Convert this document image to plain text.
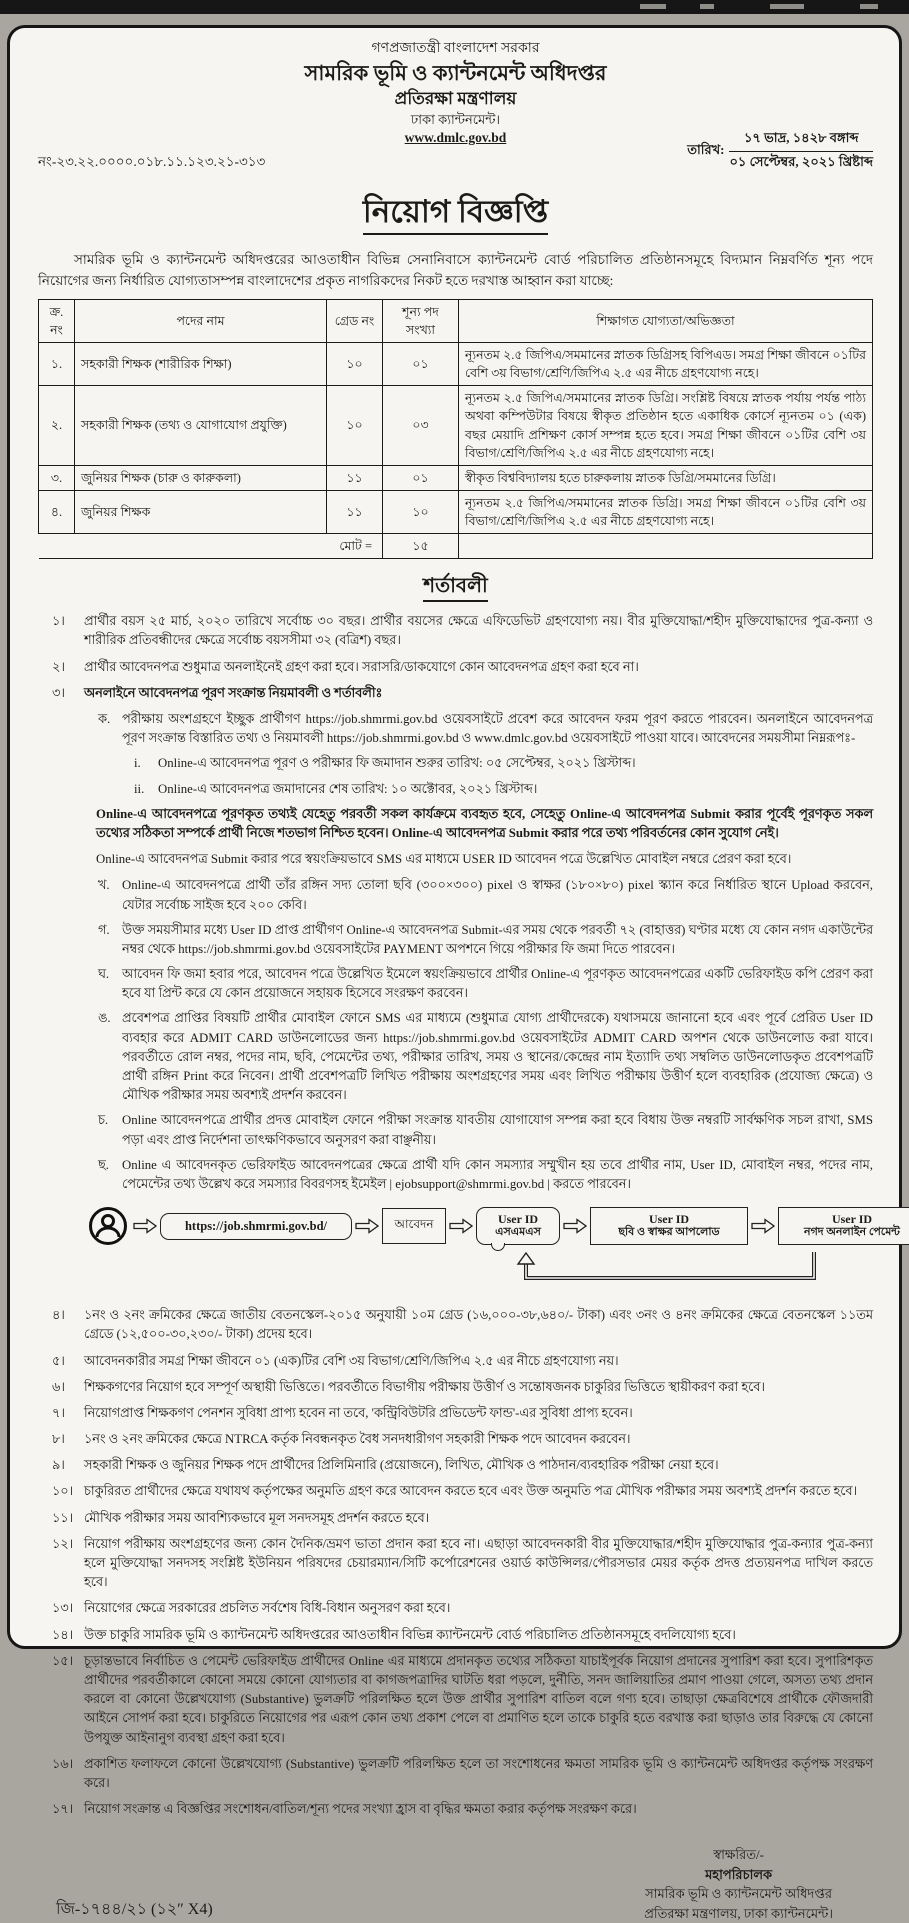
গণপ্রজাতন্ত্রী বাংলাদেশ সরকার
সামরিক ভূমি ও ক্যান্টনমেন্ট অধিদপ্তর
প্রতিরক্ষা মন্ত্রণালয়
ঢাকা ক্যান্টনমেন্ট।
www.dmlc.gov.bd
নং-২৩.২২.০০০০.০১৮.১১.১২৩.২১-৩১৩
তারিখ: $\frac{\text{১৭ ভাদ্র, ১৪২৮ বঙ্গাব্দ}}{\text{০১ সেপ্টেম্বর, ২০২১ খ্রিষ্টাব্দ}}$
নিয়োগ বিজ্ঞপ্তি
সামরিক ভূমি ও ক্যান্টনমেন্ট অধিদপ্তরের আওতাধীন বিভিন্ন সেনানিবাসে ক্যান্টনমেন্ট বোর্ড পরিচালিত প্রতিষ্ঠানসমূহে বিদ্যমান নিম্নবর্ণিত শূন্য পদে নিয়োগের জন্য নির্ধারিত যোগ্যতাসম্পন্ন বাংলাদেশের প্রকৃত নাগরিকদের নিকট হতে দরখাস্ত আহ্বান করা যাচ্ছে:
ক্র. নং	পদের নাম	গ্রেড নং	শূন্য পদ সংখ্যা	শিক্ষাগত যোগ্যতা/অভিজ্ঞতা
১.	সহকারী শিক্ষক (শারীরিক শিক্ষা)	১০	০১	ন্যূনতম ২.৫ জিপিএ/সমমানের স্নাতক ডিগ্রিসহ বিপিএড। সমগ্র শিক্ষা জীবনে ০১টির বেশি ৩য় বিভাগ/শ্রেণি/জিপিএ ২.৫ এর নীচে গ্রহণযোগ্য নহে।
২.	সহকারী শিক্ষক (তথ্য ও যোগাযোগ প্রযুক্তি)	১০	০৩	ন্যূনতম ২.৫ জিপিএ/সমমানের স্নাতক ডিগ্রি। সংশ্লিষ্ট বিষয়ে স্নাতক পর্যায় পর্যন্ত পাঠ্য অথবা কম্পিউটার বিষয়ে স্বীকৃত প্রতিষ্ঠান হতে একাধিক কোর্সে ন্যূনতম ০১ (এক) বছর মেয়াদি প্রশিক্ষণ কোর্স সম্পন্ন হতে হবে। সমগ্র শিক্ষা জীবনে ০১টির বেশি ৩য় বিভাগ/শ্রেণি/জিপিএ ২.৫ এর নীচে গ্রহণযোগ্য নহে।
৩.	জুনিয়র শিক্ষক (চারু ও কারুকলা)	১১	০১	স্বীকৃত বিশ্ববিদ্যালয় হতে চারুকলায় স্নাতক ডিগ্রি/সমমানের ডিগ্রি।
৪.	জুনিয়র শিক্ষক	১১	১০	ন্যূনতম ২.৫ জিপিএ/সমমানের স্নাতক ডিগ্রি। সমগ্র শিক্ষা জীবনে ০১টির বেশি ৩য় বিভাগ/শ্রেণি/জিপিএ ২.৫ এর নীচে গ্রহণযোগ্য নহে।
মোট =			১৫	
শর্তাবলী
১।	প্রার্থীর বয়স ২৫ মার্চ, ২০২০ তারিখে সর্বোচ্চ ৩০ বছর। প্রার্থীর বয়সের ক্ষেত্রে এফিডেভিট গ্রহণযোগ্য নয়। বীর মুক্তিযোদ্ধা/শহীদ মুক্তিযোদ্ধাদের পুত্র-কন্যা ও শারীরিক প্রতিবন্ধীদের ক্ষেত্রে সর্বোচ্চ বয়সসীমা ৩২ (বত্রিশ) বছর।
২।	প্রার্থীর আবেদনপত্র শুধুমাত্র অনলাইনেই গ্রহণ করা হবে। সরাসরি/ডাকযোগে কোন আবেদনপত্র গ্রহণ করা হবে না।
৩।	অনলাইনে আবেদনপত্র পূরণ সংক্রান্ত নিয়মাবলী ও শর্তাবলীঃ
ক. পরীক্ষায় অংশগ্রহণে ইচ্ছুক প্রার্থীগণ https://job.shmrmi.gov.bd ওয়েবসাইটে প্রবেশ করে আবেদন ফরম পূরণ করতে পারবেন। অনলাইনে আবেদনপত্র পূরণ সংক্রান্ত বিস্তারিত তথ্য ও নিয়মাবলী https://job.shmrmi.gov.bd ও www.dmlc.gov.bd ওয়েবসাইটে পাওয়া যাবে। আবেদনের সময়সীমা নিম্নরূপঃ-
i.	Online-এ আবেদনপত্র পূরণ ও পরীক্ষার ফি জমাদান শুরুর তারিখ: ০৫ সেপ্টেম্বর, ২০২১ খ্রিস্টাব্দ।
ii.	Online-এ আবেদনপত্র জমাদানের শেষ তারিখ: ১০ অক্টোবর, ২০২১ খ্রিস্টাব্দ।
Online-এ আবেদনপত্রে পূরণকৃত তথ্যই যেহেতু পরবর্তী সকল কার্যক্রমে ব্যবহৃত হবে, সেহেতু Online-এ আবেদনপত্র Submit করার পূর্বেই পূরণকৃত সকল তথ্যের সঠিকতা সম্পর্কে প্রার্থী নিজে শতভাগ নিশ্চিত হবেন। Online-এ আবেদনপত্র Submit করার পরে তথ্য পরিবর্তনের কোন সুযোগ নেই।
Online-এ আবেদনপত্র Submit করার পরে স্বয়ংক্রিয়ভাবে SMS এর মাধ্যমে USER ID আবেদন পত্রে উল্লেখিত মোবাইল নম্বরে প্রেরণ করা হবে।
খ. Online-এ আবেদনপত্রে প্রার্থী তাঁর রঙ্গিন সদ্য তোলা ছবি (৩০০×৩০০) pixel ও স্বাক্ষর (১৮০×৮০) pixel স্ক্যান করে নির্ধারিত স্থানে Upload করবেন, যেটার সর্বোচ্চ সাইজ হবে ২০০ কেবি।
গ. উক্ত সময়সীমার মধ্যে User ID প্রাপ্ত প্রার্থীগণ Online-এ আবেদনপত্র Submit-এর সময় থেকে পরবর্তী ৭২ (বাহাত্তর) ঘণ্টার মধ্যে যে কোন নগদ একাউন্টের নম্বর থেকে https://job.shmrmi.gov.bd ওয়েবসাইটের PAYMENT অপশনে গিয়ে পরীক্ষার ফি জমা দিতে পারবেন।
ঘ.	আবেদন ফি জমা হবার পরে, আবেদন পত্রে উল্লেখিত ইমেলে স্বয়ংক্রিয়ভাবে প্রার্থীর Online-এ পূরণকৃত আবেদনপত্রের একটি ভেরিফাইড কপি প্রেরণ করা হবে যা প্রিন্ট করে যে কোন প্রয়োজনে সহায়ক হিসেবে সংরক্ষণ করবেন।
ঙ. প্রবেশপত্র প্রাপ্তির বিষয়টি প্রার্থীর মোবাইল ফোনে SMS এর মাধ্যমে (শুধুমাত্র যোগ্য প্রার্থীদেরকে) যথাসময়ে জানানো হবে এবং পূর্বে প্রেরিত User ID ব্যবহার করে ADMIT CARD ডাউনলোডের জন্য https://job.shmrmi.gov.bd ওয়েবসাইটের ADMIT CARD অপশন থেকে ডাউনলোড করা যাবে। পরবর্তীতে রোল নম্বর, পদের নাম, ছবি, পেমেন্টের তথ্য, পরীক্ষার তারিখ, সময় ও স্থানের/কেন্দ্রের নাম ইত্যাদি তথ্য সম্বলিত ডাউনলোডকৃত প্রবেশপত্রটি প্রার্থী রঙ্গিন Print করে নিবেন। প্রার্থী প্রবেশপত্রটি লিখিত পরীক্ষায় অংশগ্রহণের সময় এবং লিখিত পরীক্ষায় উত্তীর্ণ হলে ব্যবহারিক (প্রযোজ্য ক্ষেত্রে) ও মৌখিক পরীক্ষার সময় অবশ্যই প্রদর্শন করবেন।
চ.	Online আবেদনপত্রে প্রার্থীর প্রদত্ত মোবাইল ফোনে পরীক্ষা সংক্রান্ত যাবতীয় যোগাযোগ সম্পন্ন করা হবে বিধায় উক্ত নম্বরটি সার্বক্ষণিক সচল রাখা, SMS পড়া এবং প্রাপ্ত নির্দেশনা তাৎক্ষণিকভাবে অনুসরণ করা বাঞ্ছনীয়।
ছ.	Online এ আবেদনকৃত ভেরিফাইড আবেদনপত্রের ক্ষেত্রে প্রার্থী যদি কোন সমস্যার সম্মুখীন হয় তবে প্রার্থীর নাম, User ID, মোবাইল নম্বর, পদের নাম, পেমেন্টের তথ্য উল্লেখ করে সমস্যার বিবরণসহ ইমেইল | ejobsupport@shmrmi.gov.bd | করতে পারবেন।
https://job.shmrmi.gov.bd/	আবেদন	User ID
এসএমএস
User ID
ছবি ও স্বাক্ষর আপলোড
User ID
নগদ অনলাইন পেমেন্ট
৪।	১নং ও ২নং ক্রমিকের ক্ষেত্রে জাতীয় বেতনস্কেল-২০১৫ অনুযায়ী ১০ম গ্রেড (১৬,০০০-৩৮,৬৪০/- টাকা) এবং ৩নং ও ৪নং ক্রমিকের ক্ষেত্রে বেতনস্কেল ১১তম গ্রেডে (১২,৫০০-৩০,২৩০/- টাকা) প্রদেয় হবে।
৫।	আবেদনকারীর সমগ্র শিক্ষা জীবনে ০১ (এক)টির বেশি ৩য় বিভাগ/শ্রেণি/জিপিএ ২.৫ এর নীচে গ্রহণযোগ্য নয়।
৬।	শিক্ষকগণের নিয়োগ হবে সম্পূর্ণ অস্থায়ী ভিত্তিতে। পরবর্তীতে বিভাগীয় পরীক্ষায় উত্তীর্ণ ও সন্তোষজনক চাকুরির ভিত্তিতে স্থায়ীকরণ করা হবে।
৭।	নিয়োগপ্রাপ্ত শিক্ষকগণ পেনশন সুবিধা প্রাপ্য হবেন না তবে, 'কন্ট্রিবিউটরি প্রভিডেন্ট ফান্ড'-এর সুবিধা প্রাপ্য হবেন।
৮।	১নং ও ২নং ক্রমিকের ক্ষেত্রে NTRCA কর্তৃক নিবন্ধনকৃত বৈধ সনদধারীগণ সহকারী শিক্ষক পদে আবেদন করবেন।
৯।	সহকারী শিক্ষক ও জুনিয়র শিক্ষক পদে প্রার্থীদের প্রিলিমিনারি (প্রয়োজনে), লিখিত, মৌখিক ও পাঠদান/ব্যবহারিক পরীক্ষা নেয়া হবে।
১০। চাকুরিরত প্রার্থীদের ক্ষেত্রে যথাযথ কর্তৃপক্ষের অনুমতি গ্রহণ করে আবেদন করতে হবে এবং উক্ত অনুমতি পত্র মৌখিক পরীক্ষার সময় অবশ্যই প্রদর্শন করতে হবে।
১১। মৌখিক পরীক্ষার সময় আবশ্যিকভাবে মূল সনদসমূহ প্রদর্শন করতে হবে।
১২। নিয়োগ পরীক্ষায় অংশগ্রহণের জন্য কোন দৈনিক/ভ্রমণ ভাতা প্রদান করা হবে না। এছাড়া আবেদনকারী বীর মুক্তিযোদ্ধার/শহীদ মুক্তিযোদ্ধার পুত্র-কন্যার পুত্র-কন্যা হলে মুক্তিযোদ্ধা সনদসহ সংশ্লিষ্ট ইউনিয়ন পরিষদের চেয়ারম্যান/সিটি কর্পোরেশনের ওয়ার্ড কাউন্সিলর/পৌরসভার মেয়র কর্তৃক প্রদত্ত প্রত্যয়নপত্র দাখিল করতে হবে।
১৩। নিয়োগের ক্ষেত্রে সরকারের প্রচলিত সর্বশেষ বিধি-বিধান অনুসরণ করা হবে।
১৪। উক্ত চাকুরি সামরিক ভূমি ও ক্যান্টনমেন্ট অধিদপ্তরের আওতাধীন বিভিন্ন ক্যান্টনমেন্ট বোর্ড পরিচালিত প্রতিষ্ঠানসমূহে বদলিযোগ্য হবে।
১৫। চূড়ান্তভাবে নির্বাচিত ও পেমেন্ট ভেরিফাইড প্রার্থীদের Online এর মাধ্যমে প্রদানকৃত তথ্যের সঠিকতা যাচাইপূর্বক নিয়োগ প্রদানের সুপারিশ করা হবে। সুপারিশকৃত প্রার্থীদের পরবর্তীকালে কোনো সময়ে কোনো যোগ্যতার বা কাগজপত্রাদির ঘাটতি ধরা পড়লে, দুর্নীতি, সনদ জালিয়াতির প্রমাণ পাওয়া গেলে, অসত্য তথ্য প্রদান করলে বা কোনো উল্লেখযোগ্য (Substantive) ভুলক্রটি পরিলক্ষিত হলে উক্ত প্রার্থীর সুপারিশ বাতিল বলে গণ্য হবে। তাছাড়া ক্ষেত্রবিশেষে প্রার্থীকে ফৌজদারী আইনে সোপর্দ করা হবে। চাকুরিতে নিয়োগের পর এরূপ কোন তথ্য প্রকাশ পেলে বা প্রমাণিত হলে তাকে চাকুরি হতে বরখাস্ত করা ছাড়াও তার বিরুদ্ধে যে কোনো উপযুক্ত আইনানুগ ব্যবস্থা গ্রহণ করা হবে।
১৬। প্রকাশিত ফলাফলে কোনো উল্লেখযোগ্য (Substantive) ভুলক্রটি পরিলক্ষিত হলে তা সংশোধনের ক্ষমতা সামরিক ভূমি ও ক্যান্টনমেন্ট অধিদপ্তর কর্তৃপক্ষ সংরক্ষণ করে।
১৭। নিয়োগ সংক্রান্ত এ বিজ্ঞপ্তির সংশোধন/বাতিল/শূন্য পদের সংখ্যা হ্রাস বা বৃদ্ধির ক্ষমতা করার কর্তৃপক্ষ সংরক্ষণ করে।
জি-১৭৪৪/২১ (১২″ X4)
স্বাক্ষরিত/-
মহাপরিচালক
সামরিক ভূমি ও ক্যান্টনমেন্ট অধিদপ্তর
প্রতিরক্ষা মন্ত্রণালয়, ঢাকা ক্যান্টনমেন্ট।
